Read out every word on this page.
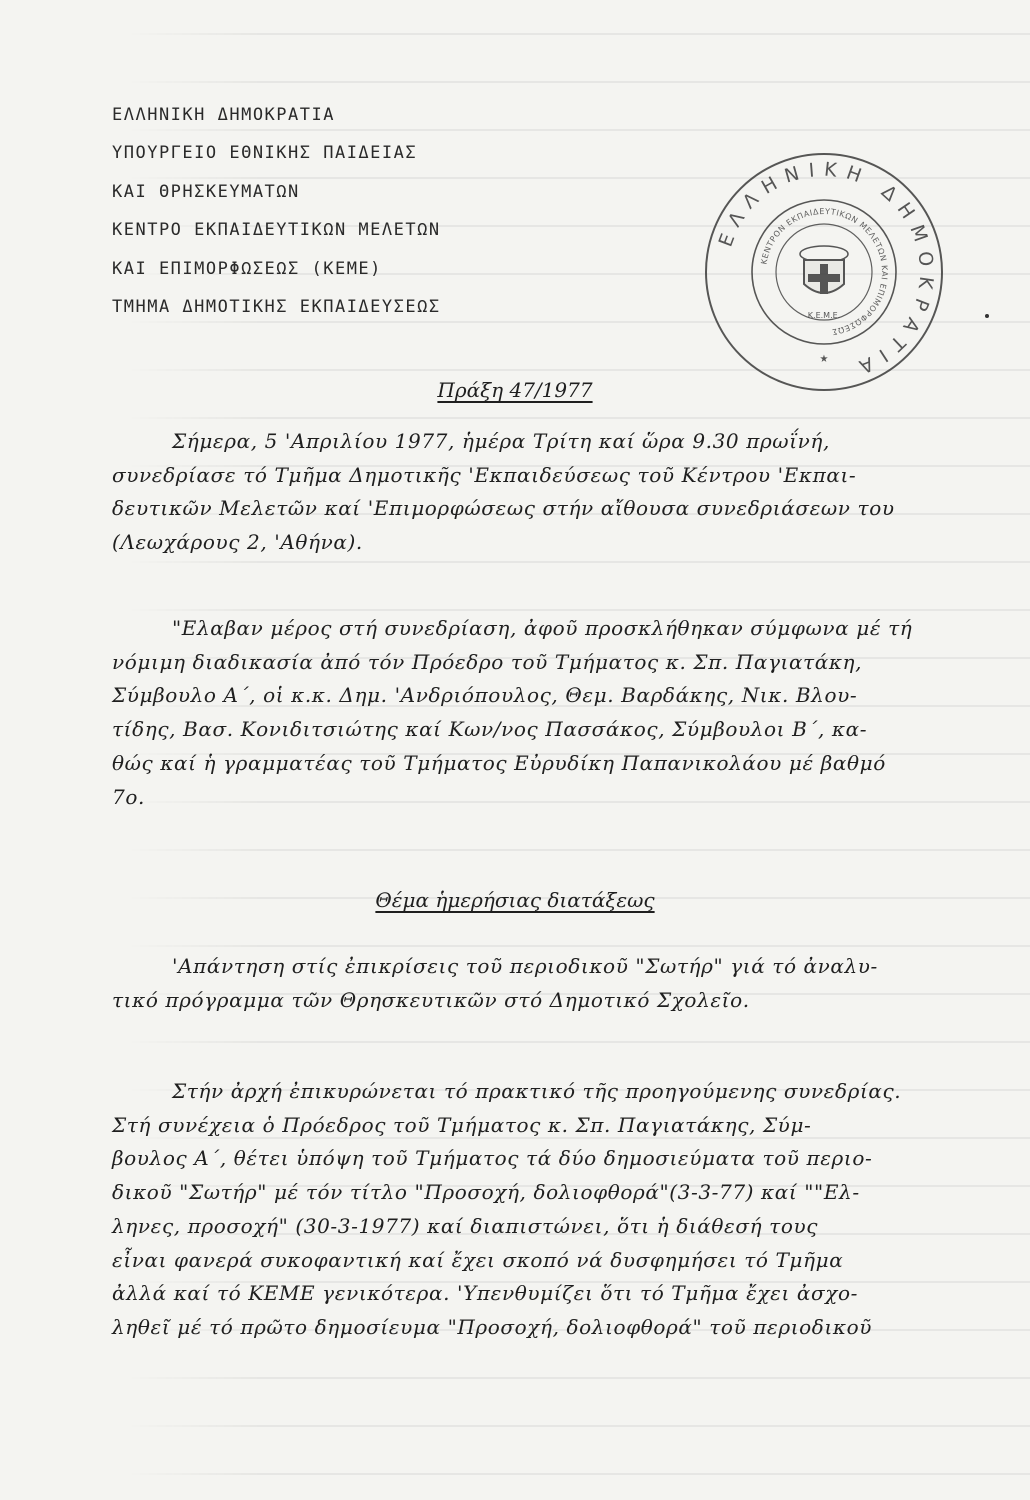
ΕΛΛΗΝΙΚΗ ΔΗΜΟΚΡΑΤΙΑ
ΥΠΟΥΡΓΕΙΟ ΕΘΝΙΚΗΣ ΠΑΙΔΕΙΑΣ
ΚΑΙ ΘΡΗΣΚΕΥΜΑΤΩΝ
ΚΕΝΤΡΟ ΕΚΠΑΙΔΕΥΤΙΚΩΝ ΜΕΛΕΤΩΝ
ΚΑΙ ΕΠΙΜΟΡΦΩΣΕΩΣ (ΚΕΜΕ)
ΤΜΗΜΑ ΔΗΜΟΤΙΚΗΣ ΕΚΠΑΙΔΕΥΣΕΩΣ
ΕΛΛΗΝΙΚΗ ΔΗΜΟΚΡΑΤΙΑ
ΚΕΝΤΡΟΝ ΕΚΠΑΙΔΕΥΤΙΚΩΝ ΜΕΛΕΤΩΝ ΚΑΙ ΕΠΙΜΟΡΦΩΣΕΩΣ
Κ.Ε.Μ.Ε.
★
Πράξη 47/1977
Σήμερα, 5 'Απριλίου 1977, ἡμέρα Τρίτη καί ὥρα 9.30 πρωΐνή,
συνεδρίασε τό Τμῆμα Δημοτικῆς 'Εκπαιδεύσεως τοῦ Κέντρου 'Εκπαι-
δευτικῶν Μελετῶν καί 'Επιμορφώσεως στήν αἴθουσα συνεδριάσεων του
(Λεωχάρους 2, 'Αθήνα).
"Ελαβαν μέρος στή συνεδρίαση, ἀφοῦ προσκλήθηκαν σύμφωνα μέ τή
νόμιμη διαδικασία ἀπό τόν Πρόεδρο τοῦ Τμήματος κ. Σπ. Παγιατάκη,
Σύμβουλο Α΄, οἱ κ.κ. Δημ. 'Ανδριόπουλος, Θεμ. Βαρδάκης, Νικ. Βλου-
τίδης, Βασ. Κονιδιτσιώτης καί Κων/νος Πασσάκος, Σύμβουλοι Β΄, κα-
θώς καί ἡ γραμματέας τοῦ Τμήματος Εὐρυδίκη Παπανικολάου μέ βαθμό
7ο.
Θέμα ἡμερήσιας διατάξεως
'Απάντηση στίς ἐπικρίσεις τοῦ περιοδικοῦ "Σωτήρ" γιά τό ἀναλυ-
τικό πρόγραμμα τῶν Θρησκευτικῶν στό Δημοτικό Σχολεῖο.
Στήν ἀρχή ἐπικυρώνεται τό πρακτικό τῆς προηγούμενης συνεδρίας.
Στή συνέχεια ὁ Πρόεδρος τοῦ Τμήματος κ. Σπ. Παγιατάκης, Σύμ-
βουλος Α΄, θέτει ὑπόψη τοῦ Τμήματος τά δύο δημοσιεύματα τοῦ περιο-
δικοῦ "Σωτήρ" μέ τόν τίτλο "Προσοχή, δολιοφθορά"(3-3-77) καί ""Ελ-
ληνες, προσοχή" (30-3-1977) καί διαπιστώνει, ὅτι ἡ διάθεσή τους
εἶναι φανερά συκοφαντική καί ἔχει σκοπό νά δυσφημήσει τό Τμῆμα
ἀλλά καί τό ΚΕΜΕ γενικότερα. 'Υπενθυμίζει ὅτι τό Τμῆμα ἔχει ἀσχο-
ληθεῖ μέ τό πρῶτο δημοσίευμα "Προσοχή, δολιοφθορά" τοῦ περιοδικοῦ
